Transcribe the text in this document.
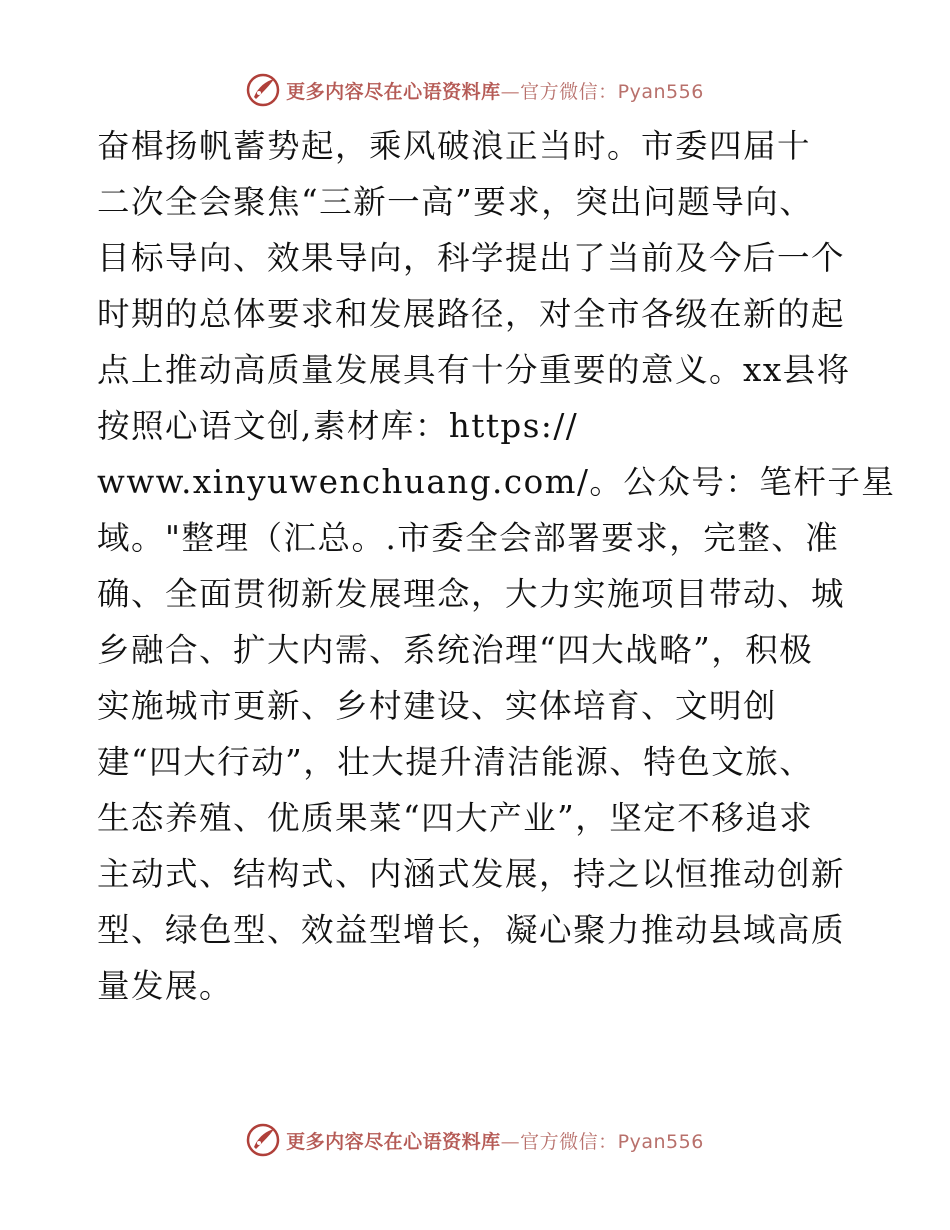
更多内容尽在心语资料库—官方微信：Pyan556
奋楫扬帆蓄势起，乘风破浪正当时。市委四届十
二次全会聚焦“三新一高”要求，突出问题导向、
目标导向、效果导向，科学提出了当前及今后一个
时期的总体要求和发展路径，对全市各级在新的起
点上推动高质量发展具有十分重要的意义。xx县将
按照心语文创,素材库：https://
www.xinyuwenchuang.com/。公众号：笔杆子星
域。"整理（汇总。.市委全会部署要求，完整、准
确、全面贯彻新发展理念，大力实施项目带动、城
乡融合、扩大内需、系统治理“四大战略”，积极
实施城市更新、乡村建设、实体培育、文明创
建“四大行动”，壮大提升清洁能源、特色文旅、
生态养殖、优质果菜“四大产业”，坚定不移追求
主动式、结构式、内涵式发展，持之以恒推动创新
型、绿色型、效益型增长，凝心聚力推动县域高质
量发展。
更多内容尽在心语资料库—官方微信：Pyan556
